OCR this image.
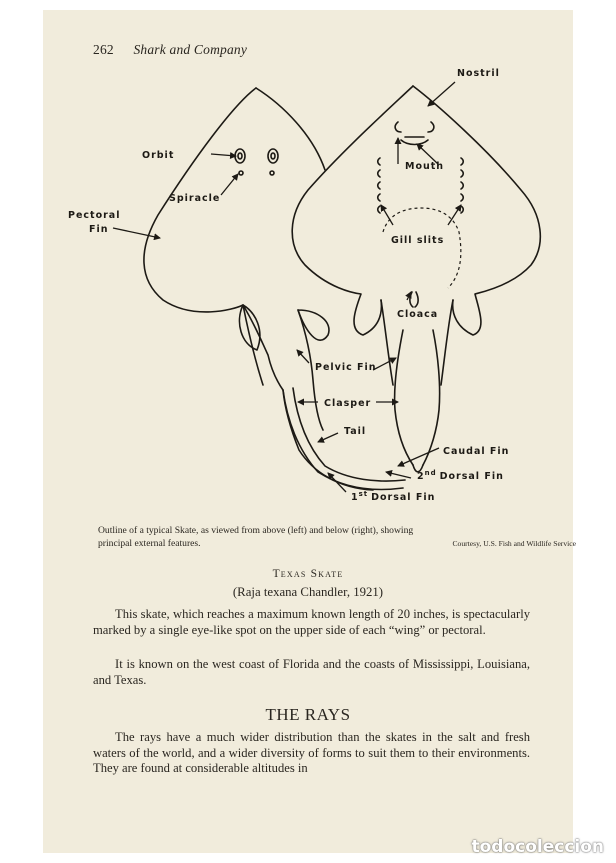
262 Shark and Company
Nostril
Orbit
Mouth
Spiracle
Pectoral
Fin
Gill slits
Cloaca
Pelvic Fin
Clasper
Tail
Caudal Fin
2nd Dorsal Fin
1st Dorsal Fin
Outline of a typical Skate, as viewed from above (left) and below (right), showing
principal external features.	Courtesy, U.S. Fish and Wildlife Service
Texas Skate
(Raja texana Chandler, 1921)

This skate, which reaches a maximum known length of 20 inches, is spectacularly marked by a single eye-like spot on the upper side of each “wing” or pectoral.

It is known on the west coast of Florida and the coasts of Mississippi, Louisiana, and Texas.

THE RAYS

The rays have a much wider distribution than the skates in the salt and fresh waters of the world, and a wider diversity of forms to suit them to their environments. They are found at considerable altitudes in

todocoleccion
